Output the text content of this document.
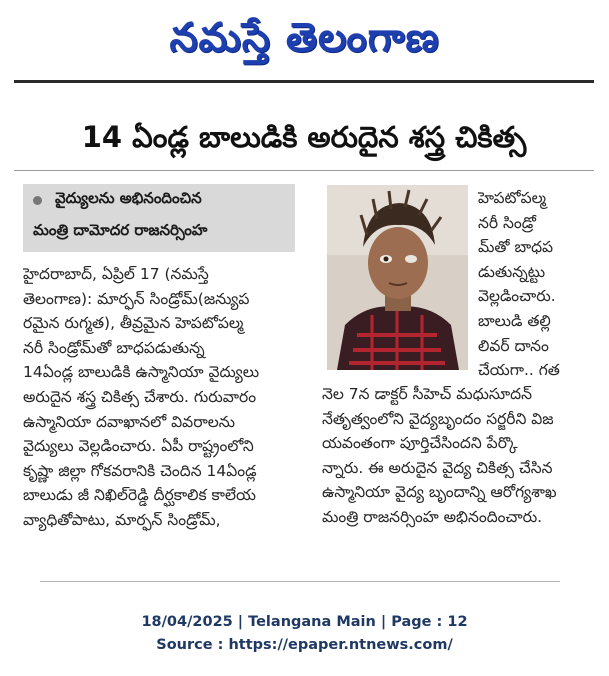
నమస్తే తెలంగాణ
14 ఏండ్ల బాలుడికి అరుదైన శస్త్ర చికిత్స
వైద్యులను అభినందించిన
మంత్రి దామోదర రాజనర్సింహ
హైదరాబాద్, ఏప్రిల్ 17 (నమస్తే
తెలంగాణ): మార్ఫన్ సిండ్రోమ్(జన్యుప
రమైన రుగ్మత), తీవ్రమైన హెపటోపల్మ
నరీ సిండ్రోమ్‌తో బాధపడుతున్న
14ఏండ్ల బాలుడికి ఉస్మానియా వైద్యులు
అరుదైన శస్త్ర చికిత్స చేశారు. గురువారం
ఉస్మానియా దవాఖానలో వివరాలను
వైద్యులు వెల్లడించారు. ఏపీ రాష్ట్రంలోని
కృష్ణా జిల్లా గోకవరానికి చెందిన 14ఏండ్ల
బాలుడు జీ నిఖిల్‌రెడ్డి దీర్ఘకాలిక కాలేయ
వ్యాధితోపాటు, మార్ఫన్ సిండ్రోమ్,
హెపటోపల్మ
నరీ సిండ్రో
మ్‌తో బాధప
డుతున్నట్టు
వెల్లడించారు.
బాలుడి తల్లి
లివర్ దానం
చేయగా.. గత
నెల 7న డాక్టర్ సీహెచ్ మధుసూదన్
నేతృత్వంలోని వైద్యబృందం సర్జరీని విజ
యవంతంగా పూర్తిచేసిందని పేర్కొ
న్నారు. ఈ అరుదైన వైద్య చికిత్స చేసిన
ఉస్మానియా వైద్య బృందాన్ని ఆరోగ్యశాఖ
మంత్రి రాజనర్సింహ అభినందించారు.
18/04/2025 | Telangana Main | Page : 12
Source : https://epaper.ntnews.com/
